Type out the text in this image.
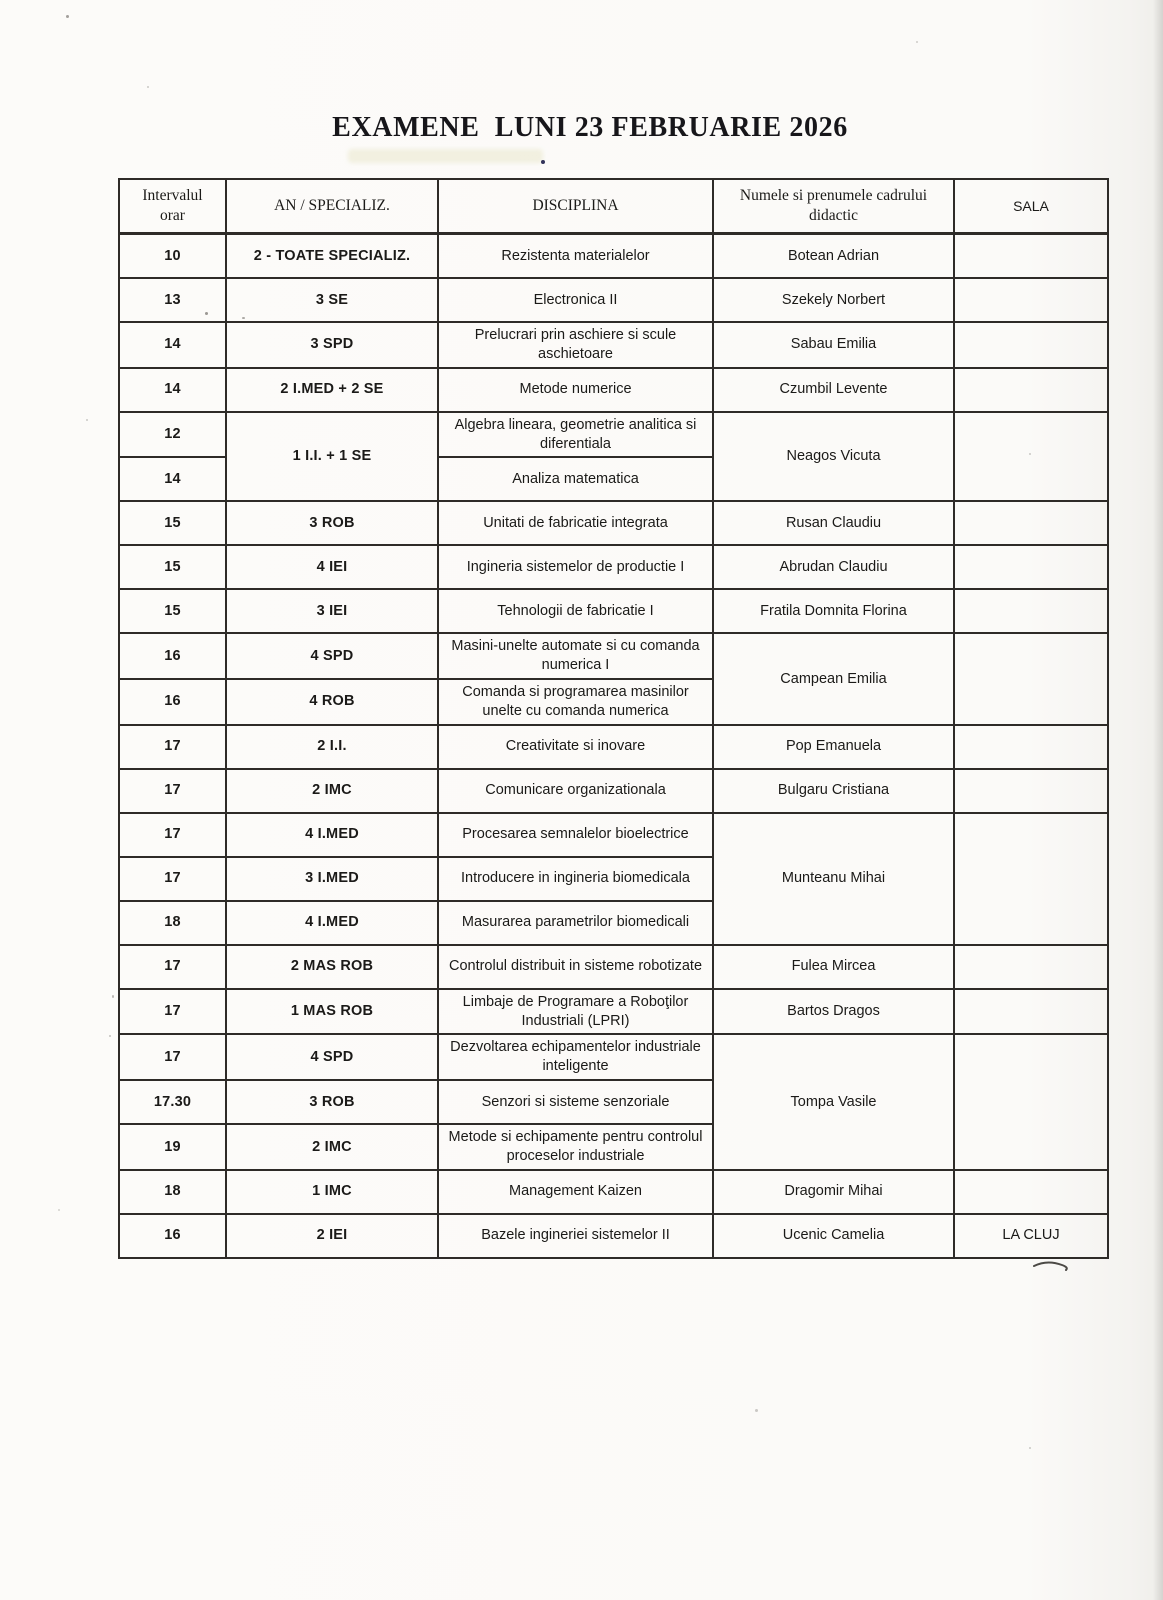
EXAMENE  LUNI 23 FEBRUARIE 2026
Intervalul orar	AN / SPECIALIZ.	DISCIPLINA	Numele si prenumele cadrului didactic	SALA
10	2 - TOATE SPECIALIZ.	Rezistenta materialelor	Botean Adrian	
13	3 SE	Electronica II	Szekely Norbert	
14	3 SPD	Prelucrari prin aschiere si scule aschietoare	Sabau Emilia	
14	2 I.MED + 2 SE	Metode numerice	Czumbil Levente	
12	1 I.I. + 1 SE	Algebra lineara, geometrie analitica si diferentiala	Neagos Vicuta	
14		Analiza matematica		
15	3 ROB	Unitati de fabricatie integrata	Rusan Claudiu	
15	4 IEI	Ingineria sistemelor de productie I	Abrudan Claudiu	
15	3 IEI	Tehnologii de fabricatie I	Fratila Domnita Florina	
16	4 SPD	Masini-unelte automate si cu comanda numerica I	Campean Emilia	
16	4 ROB	Comanda si programarea masinilor unelte cu comanda numerica		
17	2 I.I.	Creativitate si inovare	Pop Emanuela	
17	2 IMC	Comunicare organizationala	Bulgaru Cristiana	
17	4 I.MED	Procesarea semnalelor bioelectrice	Munteanu Mihai	
17	3 I.MED	Introducere in ingineria biomedicala		
18	4 I.MED	Masurarea parametrilor biomedicali		
17	2 MAS ROB	Controlul distribuit in sisteme robotizate	Fulea Mircea	
17	1 MAS ROB	Limbaje de Programare a Roboţilor Industriali (LPRI)	Bartos Dragos	
17	4 SPD	Dezvoltarea echipamentelor industriale inteligente	Tompa Vasile	
17.30	3 ROB	Senzori si sisteme senzoriale		
19	2 IMC	Metode si echipamente pentru controlul proceselor industriale		
18	1 IMC	Management Kaizen	Dragomir Mihai	
16	2 IEI	Bazele ingineriei sistemelor II	Ucenic Camelia	LA CLUJ
